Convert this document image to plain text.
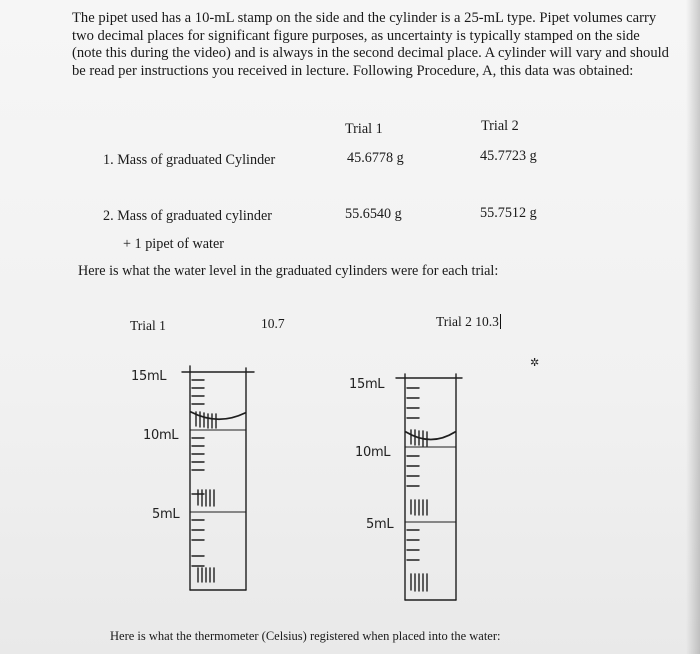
The pipet used has a 10-mL stamp on the side and the cylinder is a 25-mL type. Pipet volumes carry two decimal places for significant figure purposes, as uncertainty is typically stamped on the side (note this during the video) and is always in the second decimal place. A cylinder will vary and should be read per instructions you received in lecture. Following Procedure, A, this data was obtained:
Trial 1	Trial 2
1. Mass of graduated Cylinder	45.6778 g	45.7723 g
2. Mass of graduated cylinder	55.6540 g	55.7512 g
+ 1 pipet of water
Here is what the water level in the graduated cylinders were for each trial:
Trial 1	10.7	Trial 2 10.3
✲
15mL
10mL
5mL
15mL
10mL
5mL
Here is what the thermometer (Celsius) registered when placed into the water:
